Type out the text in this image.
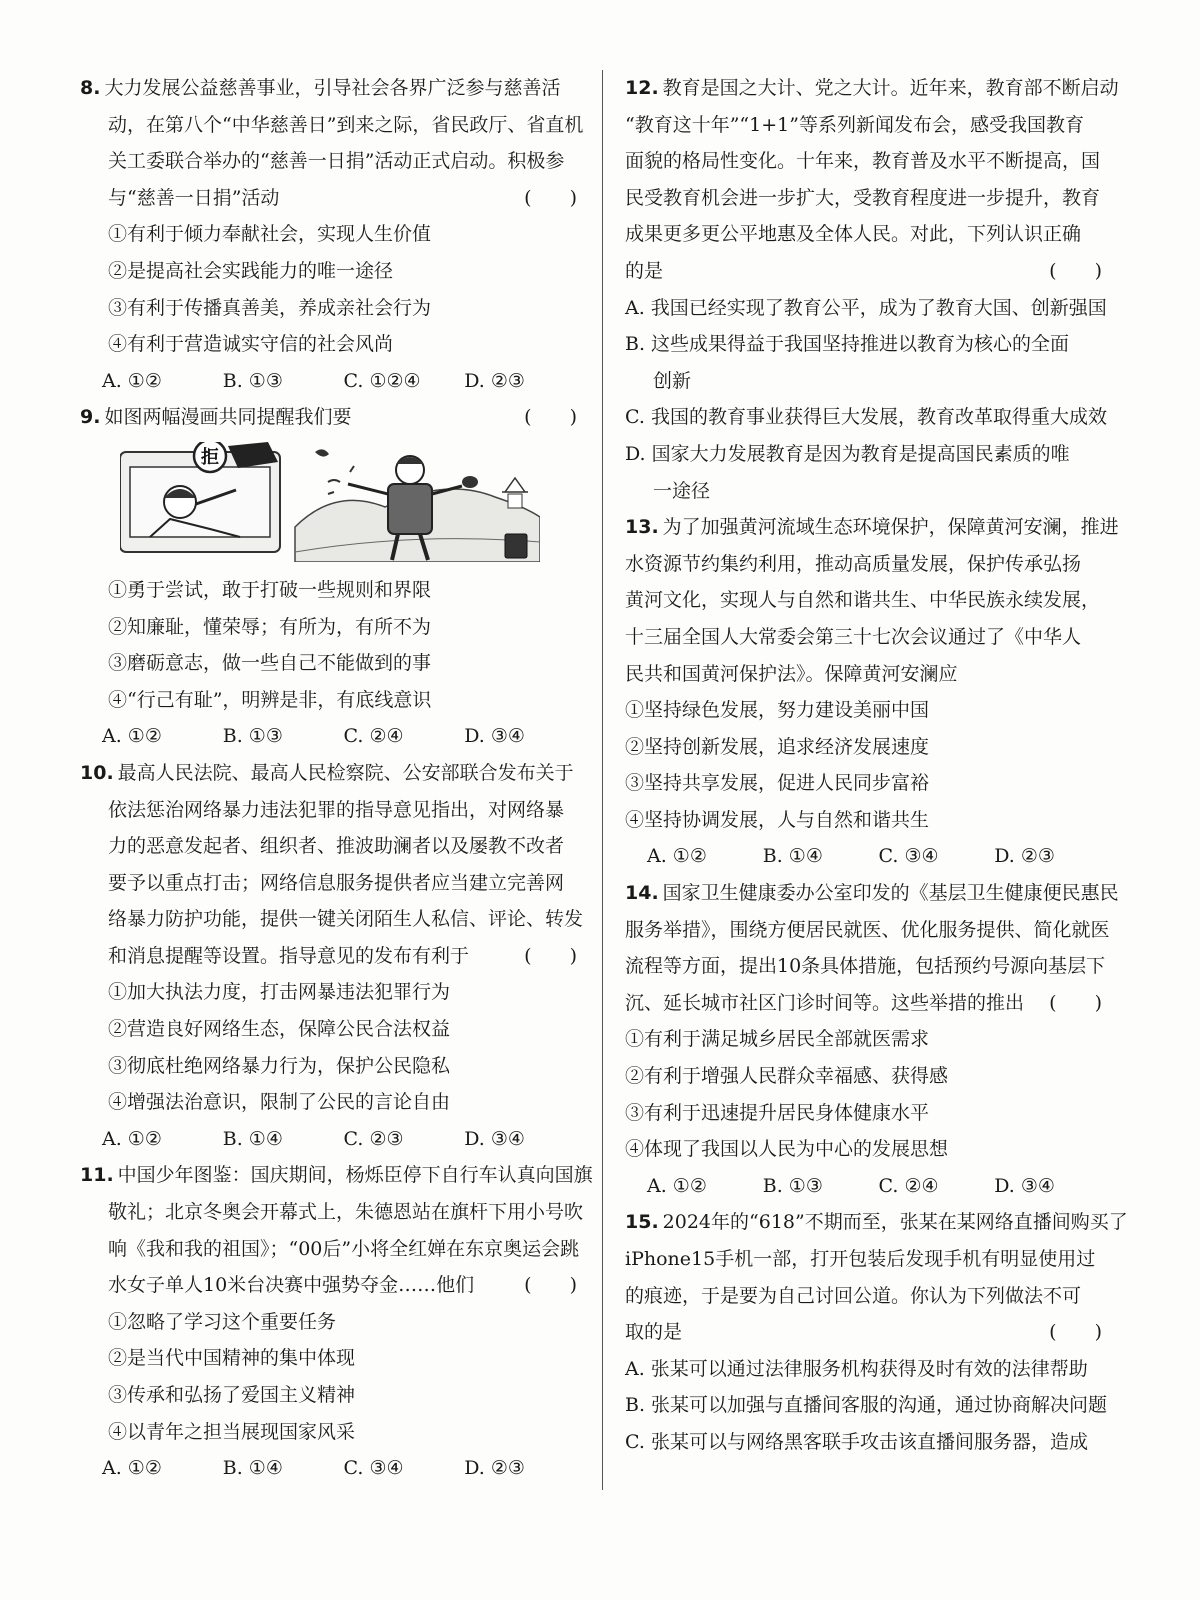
8. 大力发展公益慈善事业，引导社会各界广泛参与慈善活
动，在第八个“中华慈善日”到来之际，省民政厅、省直机
关工委联合举办的“慈善一日捐”活动正式启动。积极参
与“慈善一日捐”活动	(　　)
①有利于倾力奉献社会，实现人生价值
②是提高社会实践能力的唯一途径
③有利于传播真善美，养成亲社会行为
④有利于营造诚实守信的社会风尚
A. ①②	B. ①③	C. ①②④	D. ②③
9. 如图两幅漫画共同提醒我们要	(　　)
拒
①勇于尝试，敢于打破一些规则和界限
②知廉耻，懂荣辱；有所为，有所不为
③磨砺意志，做一些自己不能做到的事
④“行己有耻”，明辨是非，有底线意识
A. ①②	B. ①③	C. ②④	D. ③④
10. 最高人民法院、最高人民检察院、公安部联合发布关于
依法惩治网络暴力违法犯罪的指导意见指出，对网络暴
力的恶意发起者、组织者、推波助澜者以及屡教不改者
要予以重点打击；网络信息服务提供者应当建立完善网
络暴力防护功能，提供一键关闭陌生人私信、评论、转发
和消息提醒等设置。指导意见的发布有利于	(　　)
①加大执法力度，打击网暴违法犯罪行为
②营造良好网络生态，保障公民合法权益
③彻底杜绝网络暴力行为，保护公民隐私
④增强法治意识，限制了公民的言论自由
A. ①②	B. ①④	C. ②③	D. ③④
11. 中国少年图鉴：国庆期间，杨烁臣停下自行车认真向国旗
敬礼；北京冬奥会开幕式上，朱德恩站在旗杆下用小号吹
响《我和我的祖国》；“00后”小将全红婵在东京奥运会跳
水女子单人10米台决赛中强势夺金……他们	(　　)
①忽略了学习这个重要任务
②是当代中国精神的集中体现
③传承和弘扬了爱国主义精神
④以青年之担当展现国家风采
A. ①②	B. ①④	C. ③④	D. ②③
12. 教育是国之大计、党之大计。近年来，教育部不断启动
“教育这十年”“1+1”等系列新闻发布会，感受我国教育
面貌的格局性变化。十年来，教育普及水平不断提高，国
民受教育机会进一步扩大，受教育程度进一步提升，教育
成果更多更公平地惠及全体人民。对此，下列认识正确
的是	(　　)
A. 我国已经实现了教育公平，成为了教育大国、创新强国
B. 这些成果得益于我国坚持推进以教育为核心的全面
创新
C. 我国的教育事业获得巨大发展，教育改革取得重大成效
D. 国家大力发展教育是因为教育是提高国民素质的唯
一途径
13. 为了加强黄河流域生态环境保护，保障黄河安澜，推进
水资源节约集约利用，推动高质量发展，保护传承弘扬
黄河文化，实现人与自然和谐共生、中华民族永续发展，
十三届全国人大常委会第三十七次会议通过了《中华人
民共和国黄河保护法》。保障黄河安澜应
①坚持绿色发展，努力建设美丽中国
②坚持创新发展，追求经济发展速度
③坚持共享发展，促进人民同步富裕
④坚持协调发展，人与自然和谐共生
A. ①②	B. ①④	C. ③④	D. ②③
14. 国家卫生健康委办公室印发的《基层卫生健康便民惠民
服务举措》，围绕方便居民就医、优化服务提供、简化就医
流程等方面，提出10条具体措施，包括预约号源向基层下
沉、延长城市社区门诊时间等。这些举措的推出 (　　)
①有利于满足城乡居民全部就医需求
②有利于增强人民群众幸福感、获得感
③有利于迅速提升居民身体健康水平
④体现了我国以人民为中心的发展思想
A. ①②	B. ①③	C. ②④	D. ③④
15. 2024年的“618”不期而至，张某在某网络直播间购买了
iPhone15手机一部，打开包装后发现手机有明显使用过
的痕迹，于是要为自己讨回公道。你认为下列做法不可
取的是	(　　)
A. 张某可以通过法律服务机构获得及时有效的法律帮助
B. 张某可以加强与直播间客服的沟通，通过协商解决问题
C. 张某可以与网络黑客联手攻击该直播间服务器，造成
